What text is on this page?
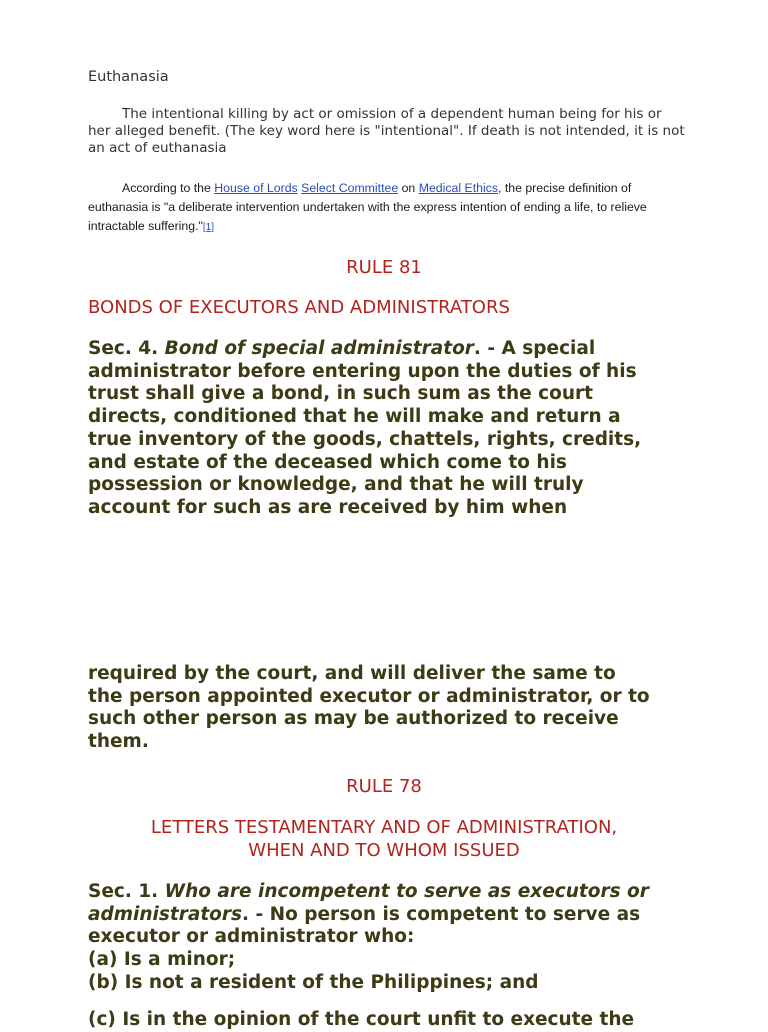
Euthanasia

The intentional killing by act or omission of a dependent human being for his or her alleged benefit. (The key word here is "intentional". If death is not intended, it is not an act of euthanasia

According to the House of Lords Select Committee on Medical Ethics, the precise definition of euthanasia is "a deliberate intervention undertaken with the express intention of ending a life, to relieve intractable suffering."[1]

RULE 81

BONDS OF EXECUTORS AND ADMINISTRATORS

Sec. 4. Bond of special administrator. - A special
administrator before entering upon the duties of his
trust shall give a bond, in such sum as the court
directs, conditioned that he will make and return a
true inventory of the goods, chattels, rights, credits,
and estate of the deceased which come to his
possession or knowledge, and that he will truly
account for such as are received by him when
required by the court, and will deliver the same to
the person appointed executor or administrator, or to
such other person as may be authorized to receive
them.

RULE 78

LETTERS TESTAMENTARY AND OF ADMINISTRATION,
WHEN AND TO WHOM ISSUED
Sec. 1. Who are incompetent to serve as executors or
administrators. - No person is competent to serve as
executor or administrator who:
(a) Is a minor;
(b) Is not a resident of the Philippines; and

(c) Is in the opinion of the court unfit to execute the
